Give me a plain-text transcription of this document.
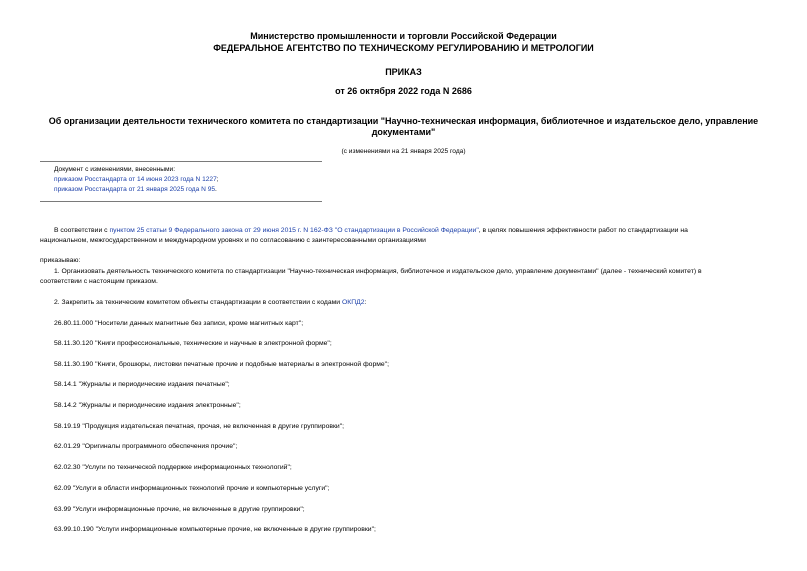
Министерство промышленности и торговли Российской Федерации
ФЕДЕРАЛЬНОЕ АГЕНТСТВО ПО ТЕХНИЧЕСКОМУ РЕГУЛИРОВАНИЮ И МЕТРОЛОГИИ
ПРИКАЗ
от 26 октября 2022 года N 2686
Об организации деятельности технического комитета по стандартизации "Научно-техническая информация, библиотечное и издательское дело, управление
документами"
(с изменениями на 21 января 2025 года)
Документ с изменениями, внесенными:
приказом Росстандарта от 14 июня 2023 года N 1227;
приказом Росстандарта от 21 января 2025 года N 95.
В соответствии с пунктом 25 статьи 9 Федерального закона от 29 июня 2015 г. N 162-ФЗ "О стандартизации в Российской Федерации", в целях повышения эффективности работ по стандартизации на
национальном, межгосударственном и международном уровнях и по согласованию с заинтересованными организациями
приказываю:
1. Организовать деятельность технического комитета по стандартизации "Научно-техническая информация, библиотечное и издательское дело, управление документами" (далее - технический комитет) в
соответствии с настоящим приказом.
2. Закрепить за техническим комитетом объекты стандартизации в соответствии с кодами ОКПД2:
26.80.11.000 "Носители данных магнитные без записи, кроме магнитных карт";
58.11.30.120 "Книги профессиональные, технические и научные в электронной форме";
58.11.30.190 "Книги, брошюры, листовки печатные прочие и подобные материалы в электронной форме";
58.14.1 "Журналы и периодические издания печатные";
58.14.2 "Журналы и периодические издания электронные";
58.19.19 "Продукция издательская печатная, прочая, не включенная в другие группировки";
62.01.29 "Оригиналы программного обеспечения прочие";
62.02.30 "Услуги по технической поддержке информационных технологий";
62.09 "Услуги в области информационных технологий прочие и компьютерные услуги";
63.99 "Услуги информационные прочие, не включенные в другие группировки";
63.99.10.190 "Услуги информационные компьютерные прочие, не включенные в другие группировки";
